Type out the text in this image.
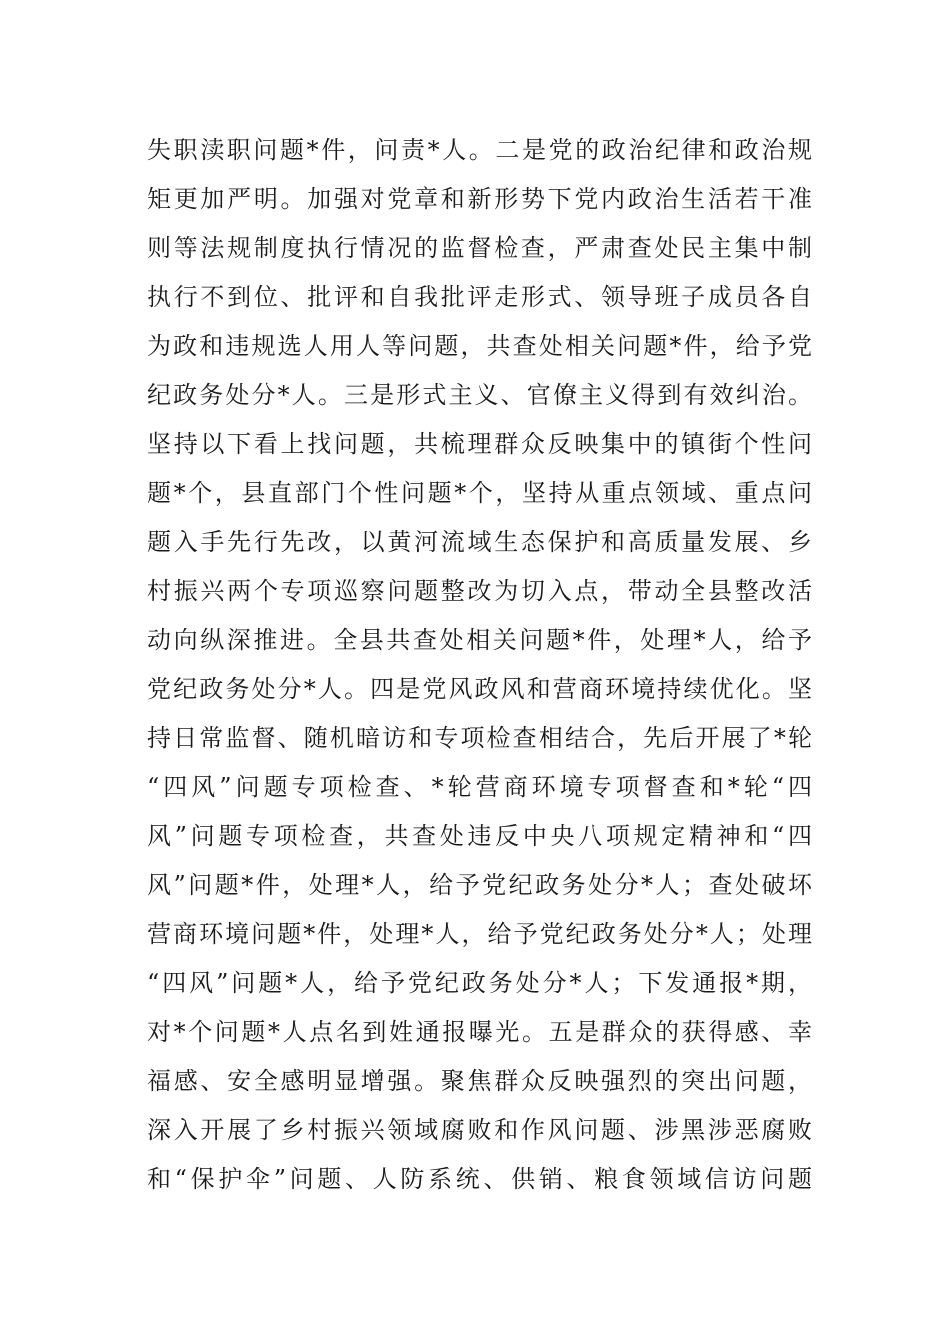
失职渎职问题*件，问责*人。二是党的政治纪律和政治规
矩更加严明。加强对党章和新形势下党内政治生活若干准
则等法规制度执行情况的监督检查，严肃查处民主集中制
执行不到位、批评和自我批评走形式、领导班子成员各自
为政和违规选人用人等问题，共查处相关问题*件，给予党
纪政务处分*人。三是形式主义、官僚主义得到有效纠治。
坚持以下看上找问题，共梳理群众反映集中的镇街个性问
题*个，县直部门个性问题*个，坚持从重点领域、重点问
题入手先行先改，以黄河流域生态保护和高质量发展、乡
村振兴两个专项巡察问题整改为切入点，带动全县整改活
动向纵深推进。全县共查处相关问题*件，处理*人，给予
党纪政务处分*人。四是党风政风和营商环境持续优化。坚
持日常监督、随机暗访和专项检查相结合，先后开展了*轮
“四风”问题专项检查、*轮营商环境专项督查和*轮“四
风”问题专项检查，共查处违反中央八项规定精神和“四
风”问题*件，处理*人，给予党纪政务处分*人；查处破坏
营商环境问题*件，处理*人，给予党纪政务处分*人；处理
“四风”问题*人，给予党纪政务处分*人；下发通报*期，
对*个问题*人点名到姓通报曝光。五是群众的获得感、幸
福感、安全感明显增强。聚焦群众反映强烈的突出问题，
深入开展了乡村振兴领域腐败和作风问题、涉黑涉恶腐败
和“保护伞”问题、人防系统、供销、粮食领域信访问题
